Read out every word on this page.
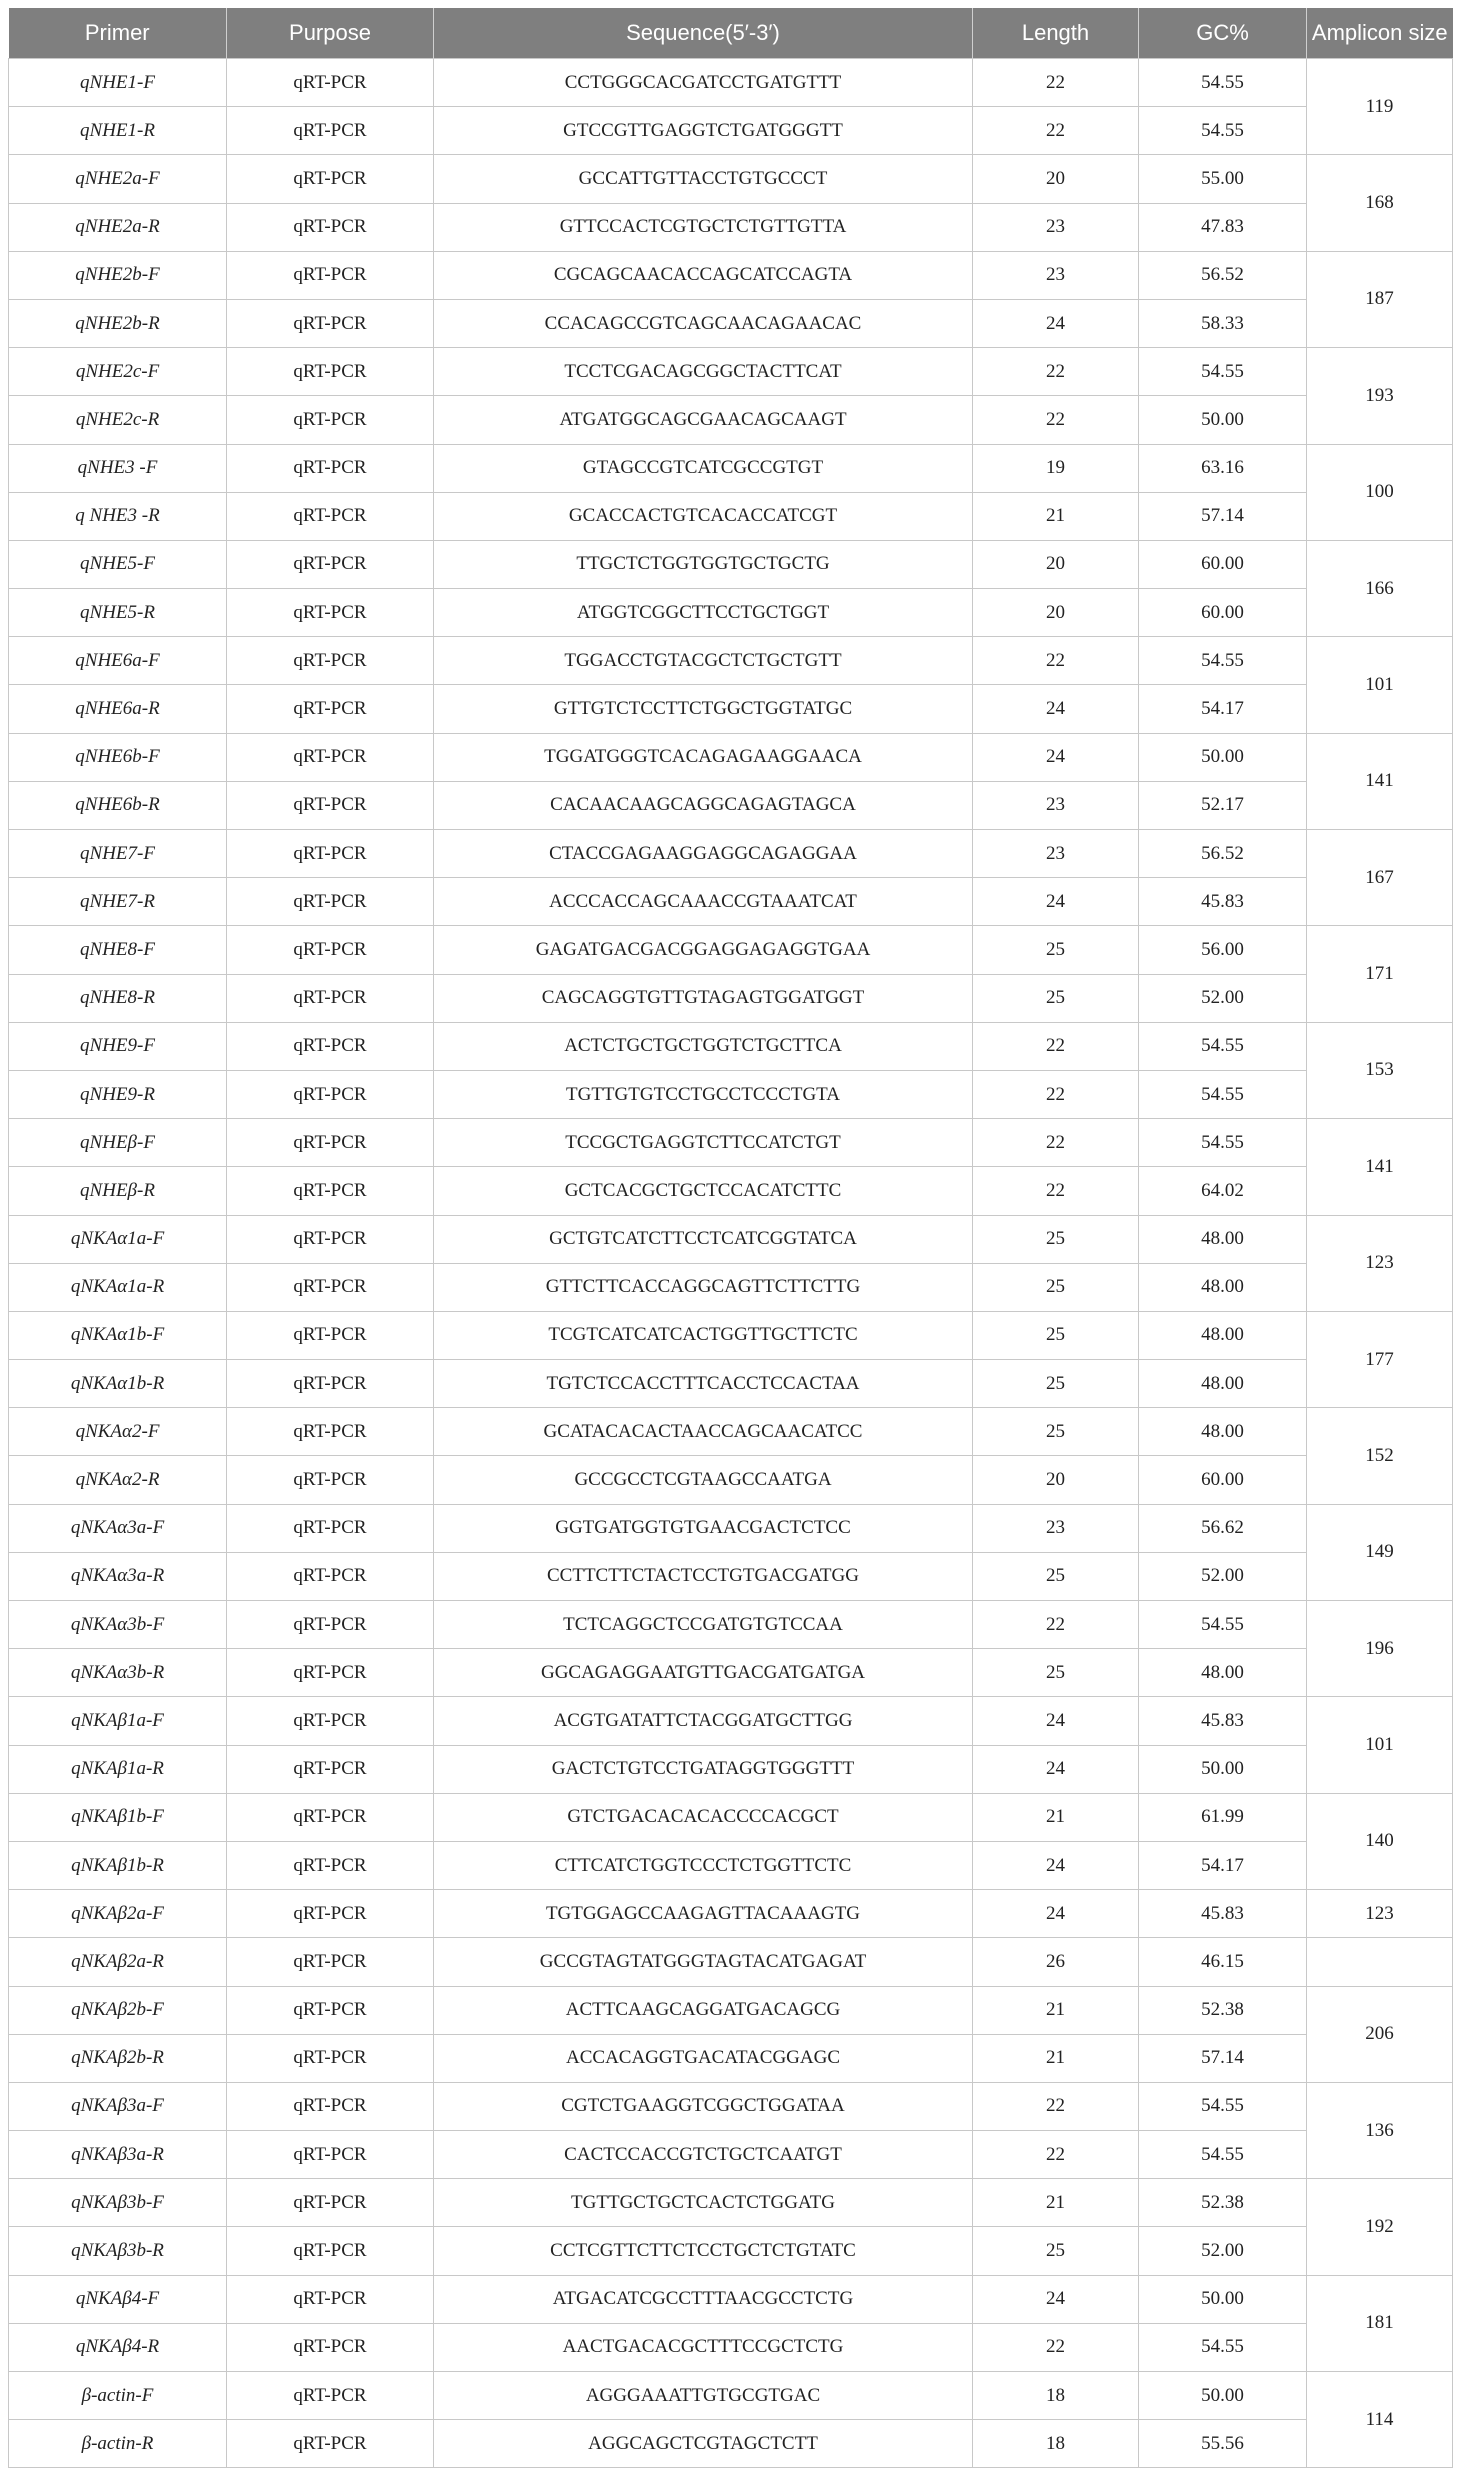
Primer	Purpose	Sequence(5′-3′)	Length	GC%	Amplicon size
qNHE1-F	qRT-PCR	CCTGGGCACGATCCTGATGTTT	22	54.55	119
qNHE1-R	qRT-PCR	GTCCGTTGAGGTCTGATGGGTT	22	54.55	
qNHE2a-F	qRT-PCR	GCCATTGTTACCTGTGCCCT	20	55.00	168
qNHE2a-R	qRT-PCR	GTTCCACTCGTGCTCTGTTGTTA	23	47.83	
qNHE2b-F	qRT-PCR	CGCAGCAACACCAGCATCCAGTA	23	56.52	187
qNHE2b-R	qRT-PCR	CCACAGCCGTCAGCAACAGAACAC	24	58.33	
qNHE2c-F	qRT-PCR	TCCTCGACAGCGGCTACTTCAT	22	54.55	193
qNHE2c-R	qRT-PCR	ATGATGGCAGCGAACAGCAAGT	22	50.00	
qNHE3 -F	qRT-PCR	GTAGCCGTCATCGCCGTGT	19	63.16	100
q NHE3 -R	qRT-PCR	GCACCACTGTCACACCATCGT	21	57.14	
qNHE5-F	qRT-PCR	TTGCTCTGGTGGTGCTGCTG	20	60.00	166
qNHE5-R	qRT-PCR	ATGGTCGGCTTCCTGCTGGT	20	60.00	
qNHE6a-F	qRT-PCR	TGGACCTGTACGCTCTGCTGTT	22	54.55	101
qNHE6a-R	qRT-PCR	GTTGTCTCCTTCTGGCTGGTATGC	24	54.17	
qNHE6b-F	qRT-PCR	TGGATGGGTCACAGAGAAGGAACA	24	50.00	141
qNHE6b-R	qRT-PCR	CACAACAAGCAGGCAGAGTAGCA	23	52.17	
qNHE7-F	qRT-PCR	CTACCGAGAAGGAGGCAGAGGAA	23	56.52	167
qNHE7-R	qRT-PCR	ACCCACCAGCAAACCGTAAATCAT	24	45.83	
qNHE8-F	qRT-PCR	GAGATGACGACGGAGGAGAGGTGAA	25	56.00	171
qNHE8-R	qRT-PCR	CAGCAGGTGTTGTAGAGTGGATGGT	25	52.00	
qNHE9-F	qRT-PCR	ACTCTGCTGCTGGTCTGCTTCA	22	54.55	153
qNHE9-R	qRT-PCR	TGTTGTGTCCTGCCTCCCTGTA	22	54.55	
qNHEβ-F	qRT-PCR	TCCGCTGAGGTCTTCCATCTGT	22	54.55	141
qNHEβ-R	qRT-PCR	GCTCACGCTGCTCCACATCTTC	22	64.02	
qNKAα1a-F	qRT-PCR	GCTGTCATCTTCCTCATCGGTATCA	25	48.00	123
qNKAα1a-R	qRT-PCR	GTTCTTCACCAGGCAGTTCTTCTTG	25	48.00	
qNKAα1b-F	qRT-PCR	TCGTCATCATCACTGGTTGCTTCTC	25	48.00	177
qNKAα1b-R	qRT-PCR	TGTCTCCACCTTTCACCTCCACTAA	25	48.00	
qNKAα2-F	qRT-PCR	GCATACACACTAACCAGCAACATCC	25	48.00	152
qNKAα2-R	qRT-PCR	GCCGCCTCGTAAGCCAATGA	20	60.00	
qNKAα3a-F	qRT-PCR	GGTGATGGTGTGAACGACTCTCC	23	56.62	149
qNKAα3a-R	qRT-PCR	CCTTCTTCTACTCCTGTGACGATGG	25	52.00	
qNKAα3b-F	qRT-PCR	TCTCAGGCTCCGATGTGTCCAA	22	54.55	196
qNKAα3b-R	qRT-PCR	GGCAGAGGAATGTTGACGATGATGA	25	48.00	
qNKAβ1a-F	qRT-PCR	ACGTGATATTCTACGGATGCTTGG	24	45.83	101
qNKAβ1a-R	qRT-PCR	GACTCTGTCCTGATAGGTGGGTTT	24	50.00	
qNKAβ1b-F	qRT-PCR	GTCTGACACACACCCCACGCT	21	61.99	140
qNKAβ1b-R	qRT-PCR	CTTCATCTGGTCCCTCTGGTTCTC	24	54.17	
qNKAβ2a-F	qRT-PCR	TGTGGAGCCAAGAGTTACAAAGTG	24	45.83	123
qNKAβ2a-R	qRT-PCR	GCCGTAGTATGGGTAGTACATGAGAT	26	46.15	
qNKAβ2b-F	qRT-PCR	ACTTCAAGCAGGATGACAGCG	21	52.38	206
qNKAβ2b-R	qRT-PCR	ACCACAGGTGACATACGGAGC	21	57.14	
qNKAβ3a-F	qRT-PCR	CGTCTGAAGGTCGGCTGGATAA	22	54.55	136
qNKAβ3a-R	qRT-PCR	CACTCCACCGTCTGCTCAATGT	22	54.55	
qNKAβ3b-F	qRT-PCR	TGTTGCTGCTCACTCTGGATG	21	52.38	192
qNKAβ3b-R	qRT-PCR	CCTCGTTCTTCTCCTGCTCTGTATC	25	52.00	
qNKAβ4-F	qRT-PCR	ATGACATCGCCTTTAACGCCTCTG	24	50.00	181
qNKAβ4-R	qRT-PCR	AACTGACACGCTTTCCGCTCTG	22	54.55	
β-actin-F	qRT-PCR	AGGGAAATTGTGCGTGAC	18	50.00	114
β-actin-R	qRT-PCR	AGGCAGCTCGTAGCTCTT	18	55.56	
